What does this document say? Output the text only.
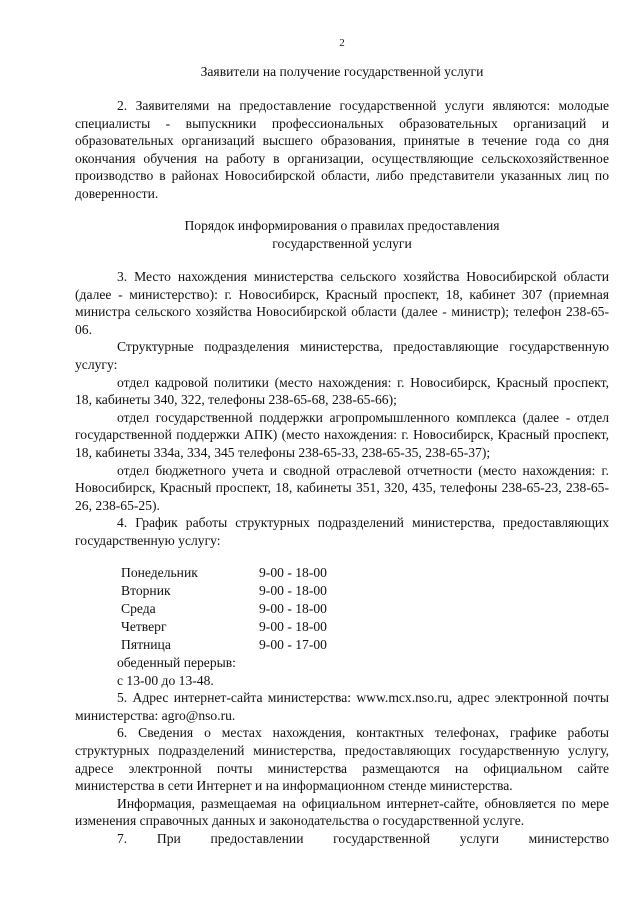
2
Заявители на получение государственной услуги

2. Заявителями на предоставление государственной услуги являются: молодые специалисты - выпускники профессиональных образовательных организаций и образовательных организаций высшего образования, принятые в течение года со дня окончания обучения на работу в организации, осуществляющие сельскохозяйственное производство в районах Новосибирской области, либо представители указанных лиц по доверенности.

Порядок информирования о правилах предоставления государственной услуги

3. Место нахождения министерства сельского хозяйства Новосибирской области (далее - министерство): г. Новосибирск, Красный проспект, 18, кабинет 307 (приемная министра сельского хозяйства Новосибирской области (далее - министр); телефон 238-65-06.

Структурные подразделения министерства, предоставляющие государственную услугу:

отдел кадровой политики (место нахождения: г. Новосибирск, Красный проспект, 18, кабинеты 340, 322, телефоны 238-65-68, 238-65-66);

отдел государственной поддержки агропромышленного комплекса (далее - отдел государственной поддержки АПК) (место нахождения: г. Новосибирск, Красный проспект, 18, кабинеты 334а, 334, 345 телефоны 238-65-33, 238-65-35, 238-65-37);

отдел бюджетного учета и сводной отраслевой отчетности (место нахождения: г. Новосибирск, Красный проспект, 18, кабинеты 351, 320, 435, телефоны 238-65-23, 238-65-26, 238-65-25).

4. График работы структурных подразделений министерства, предоставляющих государственную услугу:

Понедельник	9-00 - 18-00
Вторник	9-00 - 18-00
Среда	9-00 - 18-00
Четверг	9-00 - 18-00
Пятница	9-00 - 17-00
обеденный перерыв:
с 13-00 до 13-48.

5. Адрес интернет-сайта министерства: www.mcx.nso.ru, адрес электронной почты министерства: agro@nso.ru.

6. Сведения о местах нахождения, контактных телефонах, графике работы структурных подразделений министерства, предоставляющих государственную услугу, адресе электронной почты министерства размещаются на официальном сайте министерства в сети Интернет и на информационном стенде министерства.

Информация, размещаемая на официальном интернет-сайте, обновляется по мере изменения справочных данных и законодательства о государственной услуге.

7. При предоставлении государственной услуги министерство
